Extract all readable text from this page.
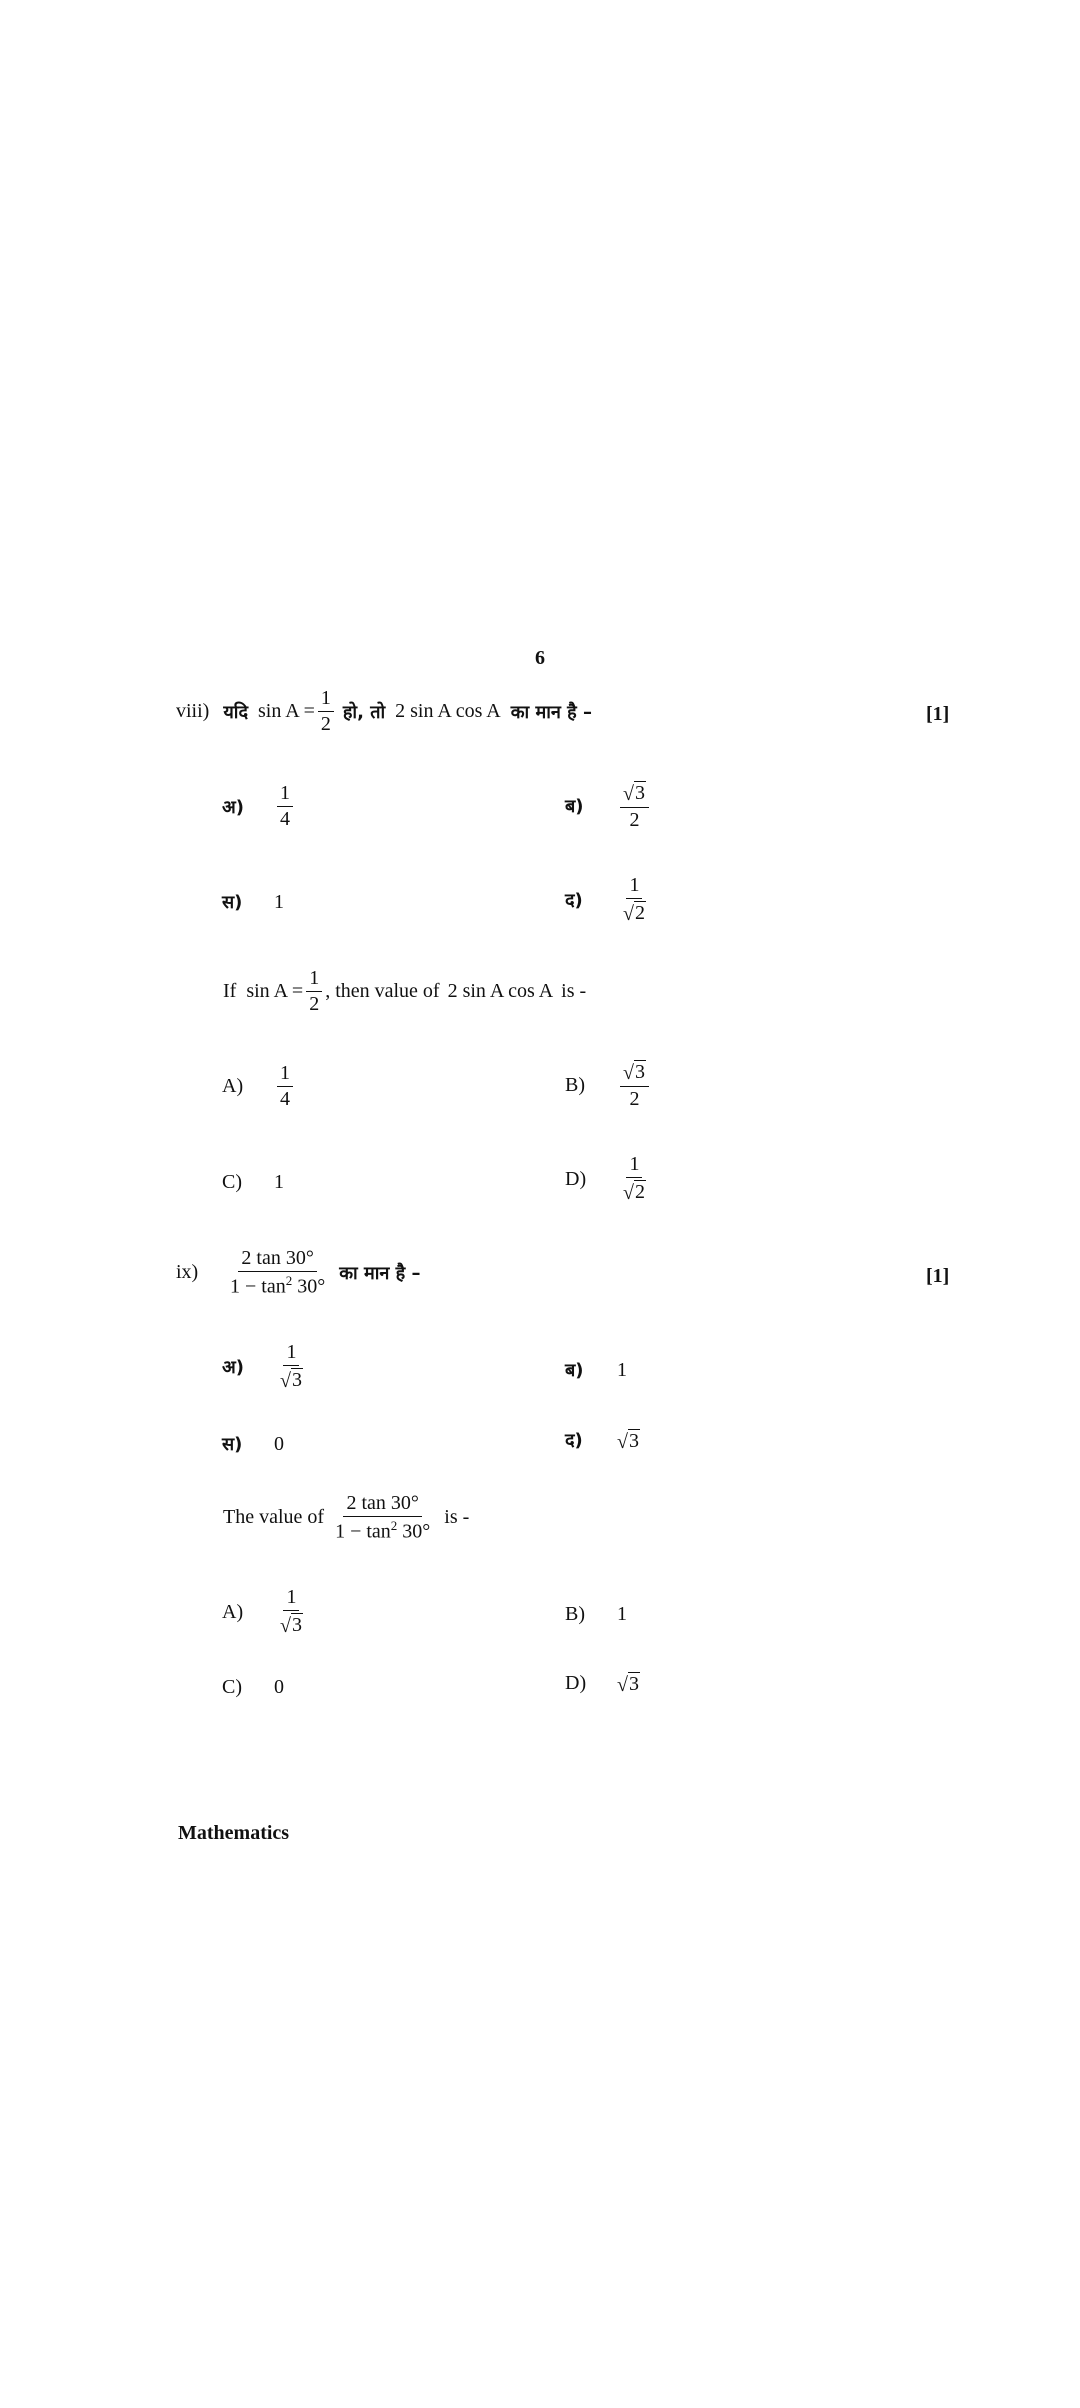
6
viii) यदि $\sin A = \frac{1}{2}$ हो, तो 2 sin A cos A का मान है –	[1]
अ)	$\frac{1}{4}$	ब)	$\frac{√ 3}{2}$
स)	1	द)	$\frac{1}{√ 2}$
If $\sin A = \frac{1}{2}$ , then value of 2 sin A cos A is -
A)	$\frac{1}{4}$	B)	$\frac{√ 3}{2}$
C)	1	D)	$\frac{1}{√ 2}$
ix)	$\frac{2 \tan 30^\circ}{1 - \tan^2 30^\circ}$ का मान है –	[1]
अ)	$\frac{1}{√ 3}$	ब)	1
स)	0	द)	√ 3
The value of $\frac{2 \tan 30^\circ}{1 - \tan^2 30^\circ}$ is -
A)	$\frac{1}{√ 3}$	B)	1
C)	0	D)	√ 3
Mathematics
